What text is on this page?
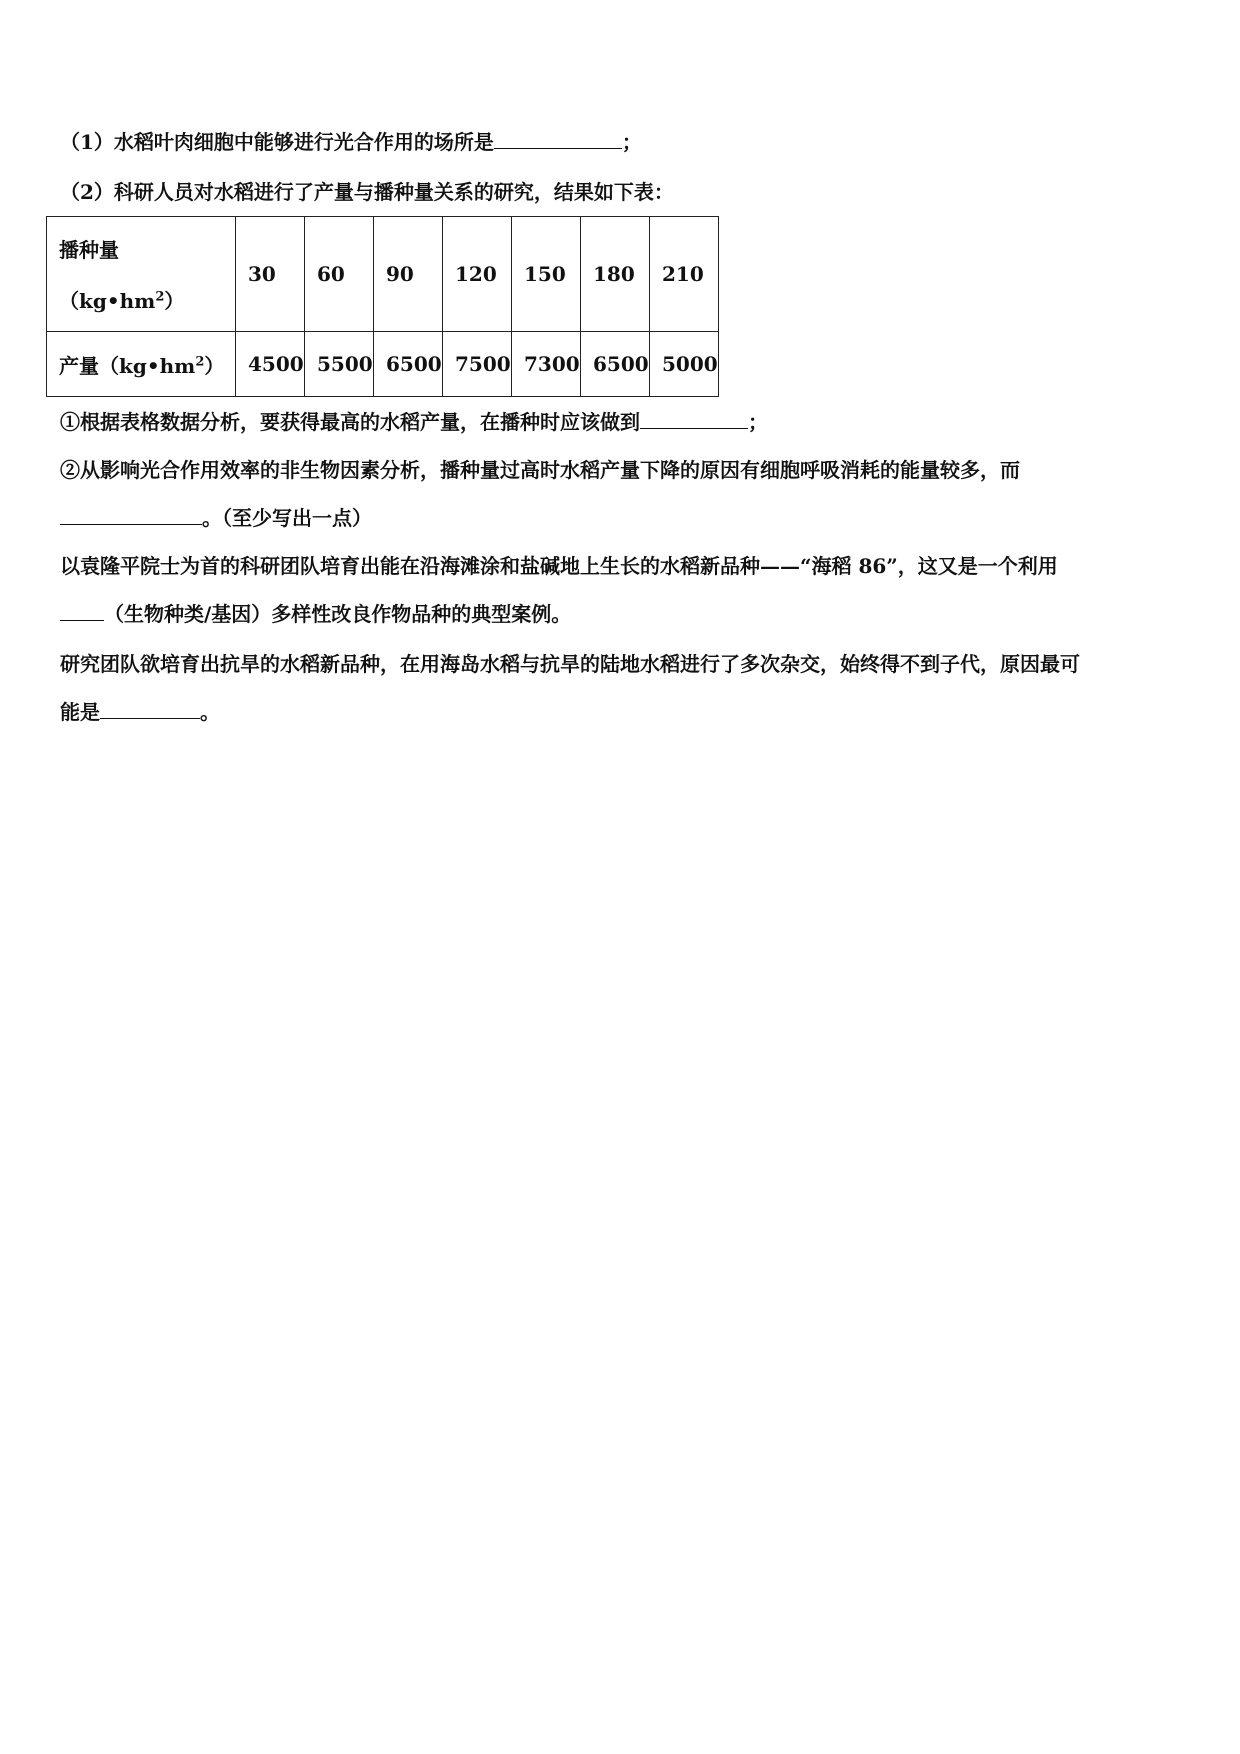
（1）水稻叶肉细胞中能够进行光合作用的场所是	；
（2）科研人员对水稻进行了产量与播种量关系的研究，结果如下表：
播种量
$(kg•hm^2)$	30	60	90	120	150	180	210
产量$(kg•hm^2)$	4500	5500	6500	7500	7300	6500	5000
①根据表格数据分析，要获得最高的水稻产量，在播种时应该做到	；
②从影响光合作用效率的非生物因素分析，播种量过高时水稻产量下降的原因有细胞呼吸消耗的能量较多，而
。（至少写出一点）
以袁隆平院士为首的科研团队培育出能在沿海滩涂和盐碱地上生长的水稻新品种——“海稻 86”，这又是一个利用
（生物种类/基因）多样性改良作物品种的典型案例。
研究团队欲培育出抗旱的水稻新品种，在用海岛水稻与抗旱的陆地水稻进行了多次杂交，始终得不到子代，原因最可
能是	。
